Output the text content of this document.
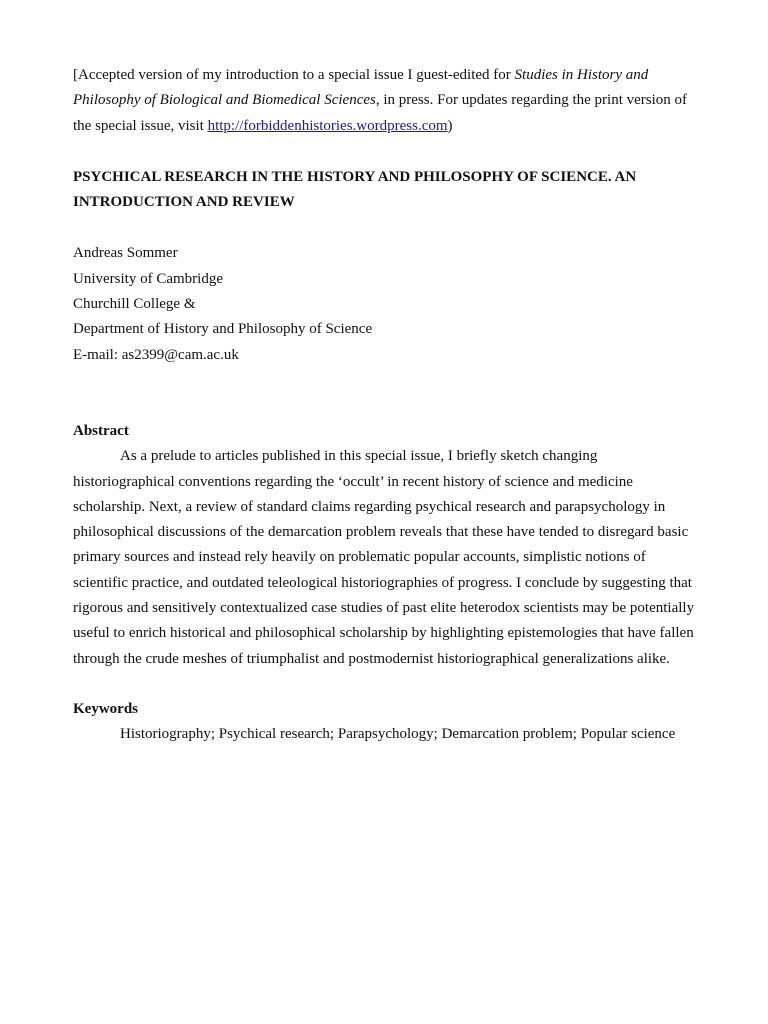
[Accepted version of my introduction to a special issue I guest-edited for Studies in History and Philosophy of Biological and Biomedical Sciences, in press. For updates regarding the print version of the special issue, visit http://forbiddenhistories.wordpress.com)

PSYCHICAL RESEARCH IN THE HISTORY AND PHILOSOPHY OF SCIENCE. AN INTRODUCTION AND REVIEW
Andreas Sommer
University of Cambridge
Churchill College &
Department of History and Philosophy of Science
E-mail: as2399@cam.ac.uk
Abstract

As a prelude to articles published in this special issue, I briefly sketch changing historiographical conventions regarding the ‘occult’ in recent history of science and medicine scholarship. Next, a review of standard claims regarding psychical research and parapsychology in philosophical discussions of the demarcation problem reveals that these have tended to disregard basic primary sources and instead rely heavily on problematic popular accounts, simplistic notions of scientific practice, and outdated teleological historiographies of progress. I conclude by suggesting that rigorous and sensitively contextualized case studies of past elite heterodox scientists may be potentially useful to enrich historical and philosophical scholarship by highlighting epistemologies that have fallen through the crude meshes of triumphalist and postmodernist historiographical generalizations alike.

Keywords

Historiography; Psychical research; Parapsychology; Demarcation problem; Popular science
